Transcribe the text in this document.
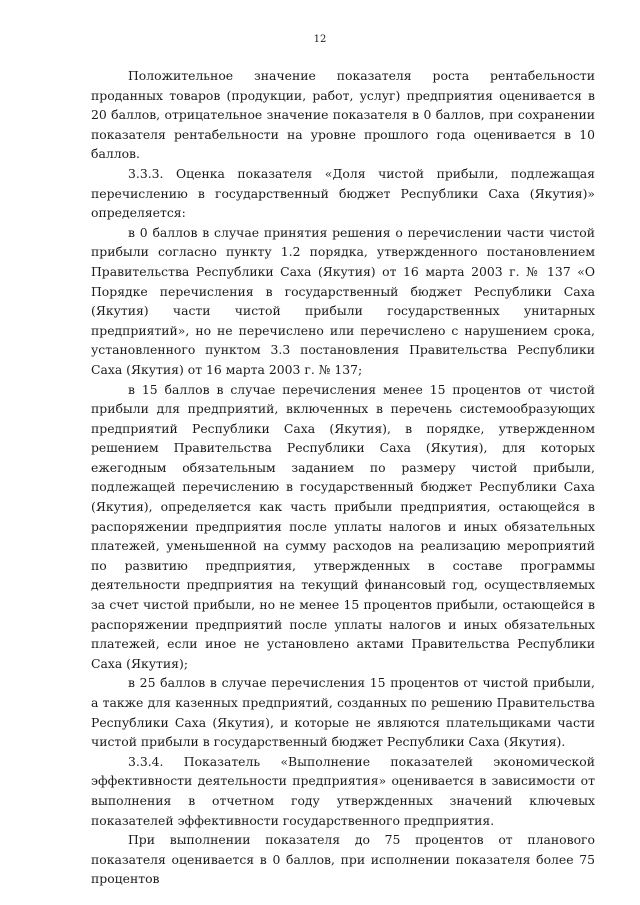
12

Положительное значение показателя роста рентабельности проданных товаров (продукции, работ, услуг) предприятия оценивается в 20 баллов, отрицательное значение показателя в 0 баллов, при сохранении показателя рентабельности на уровне прошлого года оценивается в 10 баллов.

3.3.3. Оценка показателя «Доля чистой прибыли, подлежащая перечислению в государственный бюджет Республики Саха (Якутия)» определяется:

в 0 баллов в случае принятия решения о перечислении части чистой прибыли согласно пункту 1.2 порядка, утвержденного постановлением Правительства Республики Саха (Якутия) от 16 марта 2003 г. № 137 «О Порядке перечисления в государственный бюджет Республики Саха (Якутия) части чистой прибыли государственных унитарных предприятий», но не перечислено или перечислено с нарушением срока, установленного пунктом 3.3 постановления Правительства Республики Саха (Якутия) от 16 марта 2003 г. № 137;

в 15 баллов в случае перечисления менее 15 процентов от чистой прибыли для предприятий, включенных в перечень системообразующих предприятий Республики Саха (Якутия), в порядке, утвержденном решением Правительства Республики Саха (Якутия), для которых ежегодным обязательным заданием по размеру чистой прибыли, подлежащей перечислению в государственный бюджет Республики Саха (Якутия), определяется как часть прибыли предприятия, остающейся в распоряжении предприятия после уплаты налогов и иных обязательных платежей, уменьшенной на сумму расходов на реализацию мероприятий по развитию предприятия, утвержденных в составе программы деятельности предприятия на текущий финансовый год, осуществляемых за счет чистой прибыли, но не менее 15 процентов прибыли, остающейся в распоряжении предприятий после уплаты налогов и иных обязательных платежей, если иное не установлено актами Правительства Республики Саха (Якутия);

в 25 баллов в случае перечисления 15 процентов от чистой прибыли, а также для казенных предприятий, созданных по решению Правительства Республики Саха (Якутия), и которые не являются плательщиками части чистой прибыли в государственный бюджет Республики Саха (Якутия).

3.3.4. Показатель «Выполнение показателей экономической эффективности деятельности предприятия» оценивается в зависимости от выполнения в отчетном году утвержденных значений ключевых показателей эффективности государственного предприятия.

При выполнении показателя до 75 процентов от планового показателя оценивается в 0 баллов, при исполнении показателя более 75 процентов
